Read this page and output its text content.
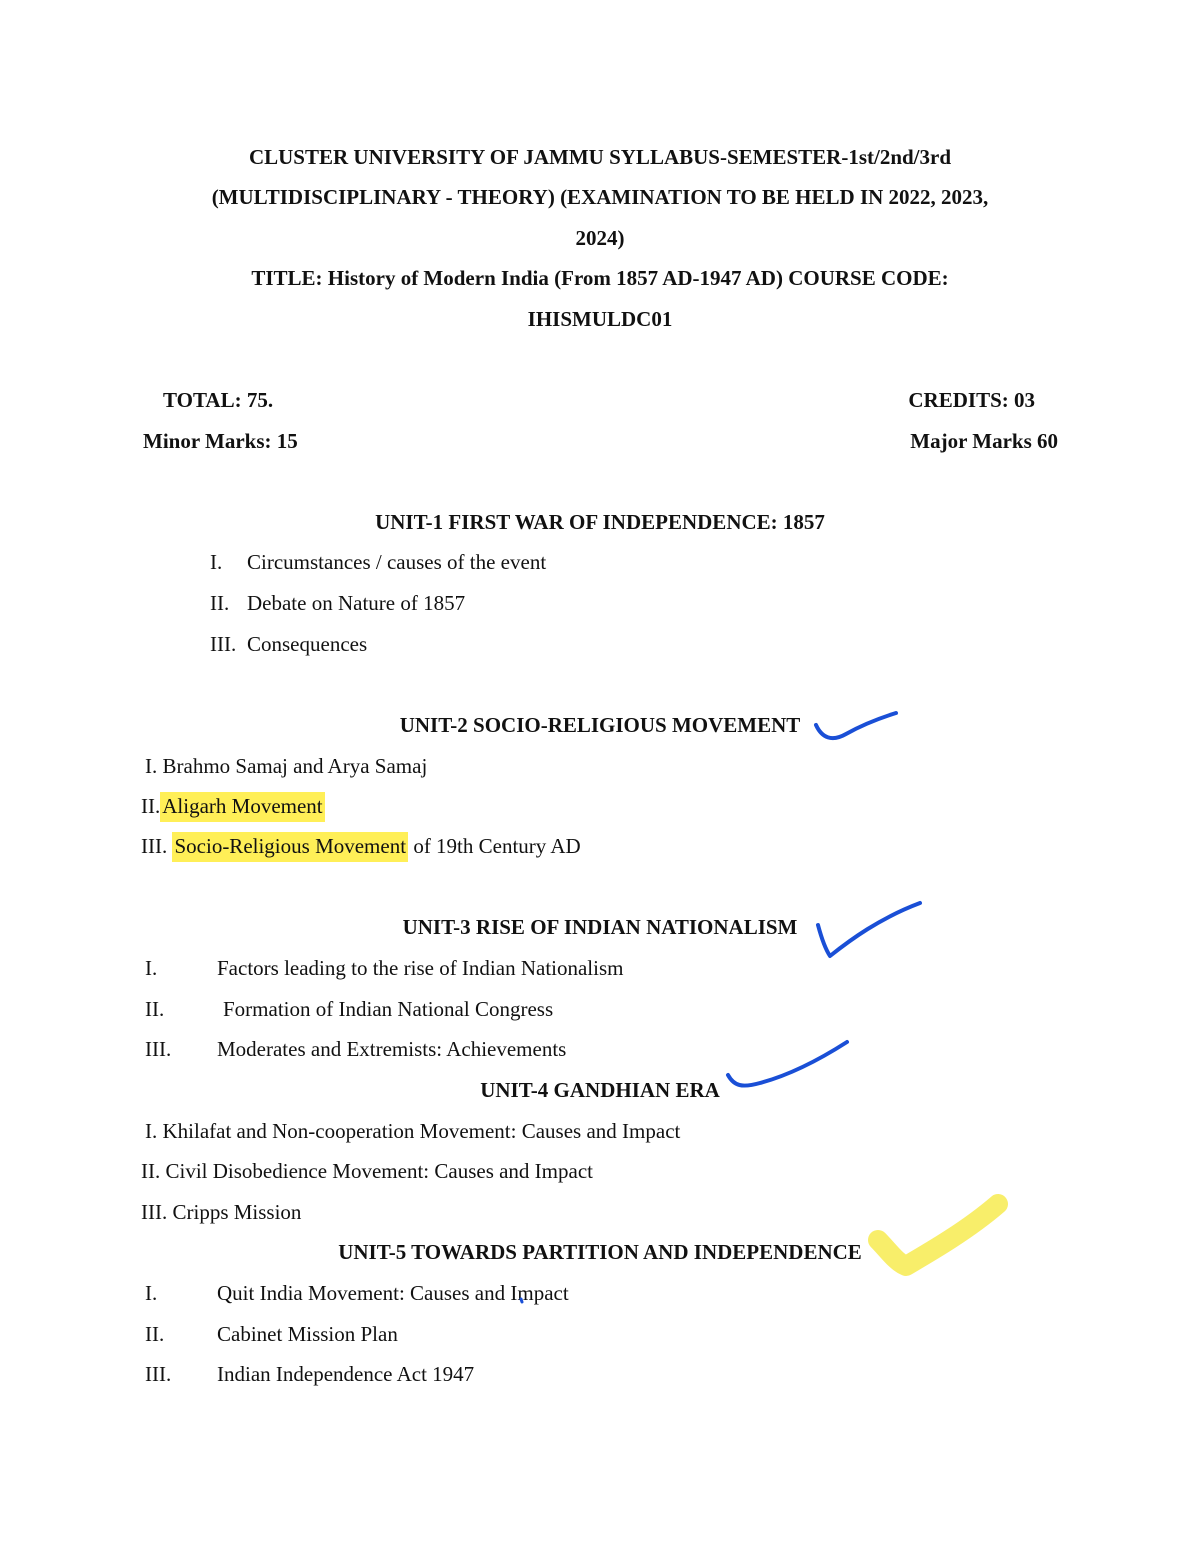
CLUSTER UNIVERSITY OF JAMMU SYLLABUS-SEMESTER-1st/2nd/3rd
(MULTIDISCIPLINARY - THEORY) (EXAMINATION TO BE HELD IN 2022, 2023,
2024)
TITLE: History of Modern India (From 1857 AD-1947 AD) COURSE CODE:
IHISMULDC01
TOTAL: 75.	CREDITS: 03
Minor Marks: 15	Major Marks 60
UNIT-1 FIRST WAR OF INDEPENDENCE: 1857
I. Circumstances / causes of the event
II. Debate on Nature of 1857
III. Consequences
UNIT-2 SOCIO-RELIGIOUS MOVEMENT
I. Brahmo Samaj and Arya Samaj
II.Aligarh Movement
III. Socio-Religious Movement of 19th Century AD
UNIT-3 RISE OF INDIAN NATIONALISM
I.	Factors leading to the rise of Indian Nationalism
II.	Formation of Indian National Congress
III. Moderates and Extremists: Achievements
UNIT-4 GANDHIAN ERA
I. Khilafat and Non-cooperation Movement: Causes and Impact
II. Civil Disobedience Movement: Causes and Impact
III. Cripps Mission
UNIT-5 TOWARDS PARTITION AND INDEPENDENCE
I.	Quit India Movement: Causes and Impact
II.	Cabinet Mission Plan
III. Indian Independence Act 1947
